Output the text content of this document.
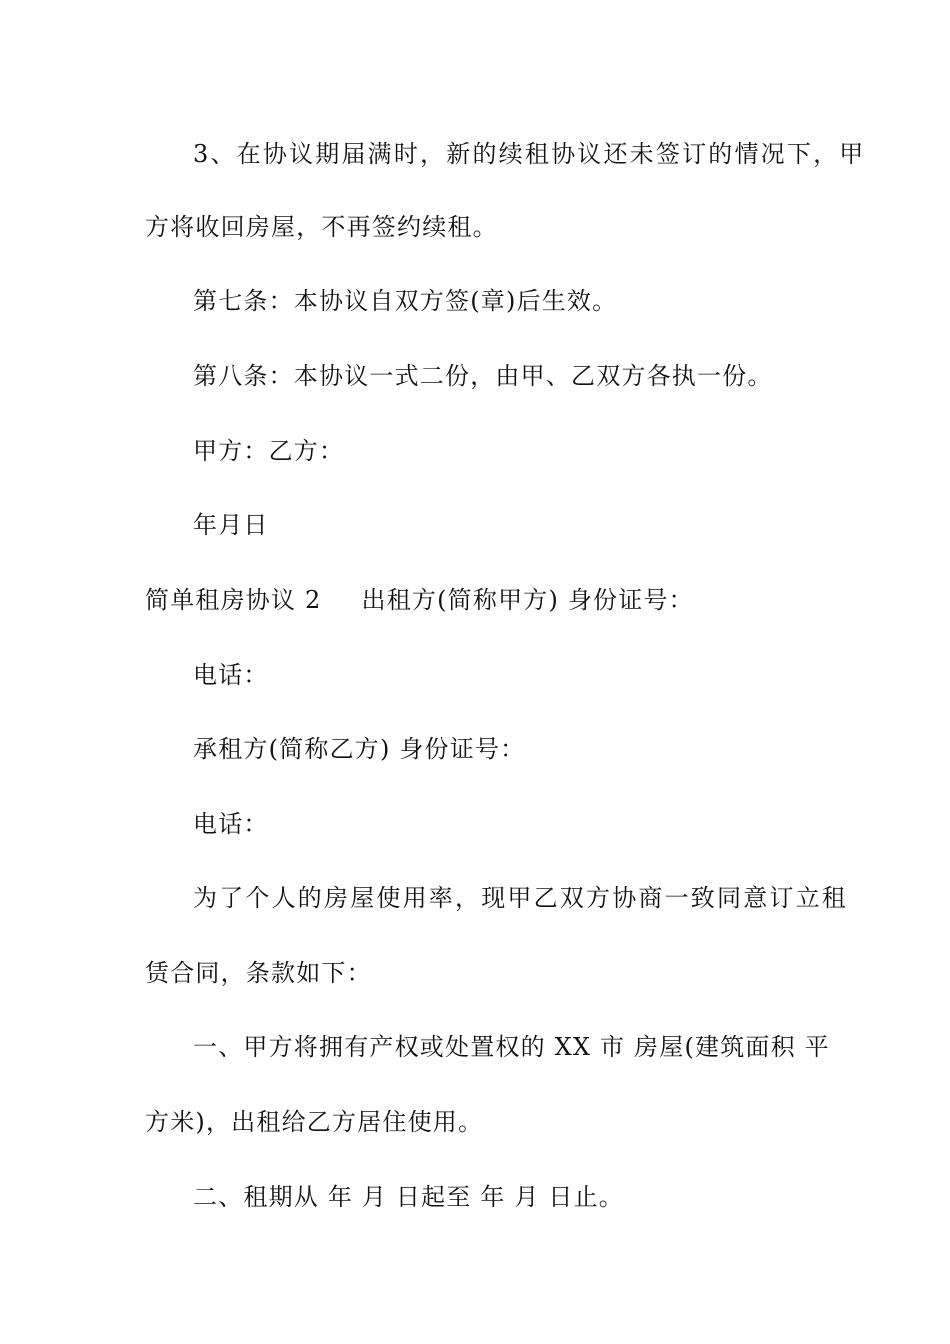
3、在协议期届满时，新的续租协议还未签订的情况下，甲
方将收回房屋，不再签约续租。
第七条：本协议自双方签(章)后生效。
第八条：本协议一式二份，由甲、乙双方各执一份。
甲方：乙方：
年月日
简单租房协议 2 出租方(简称甲方) 身份证号：
电话：
承租方(简称乙方) 身份证号：
电话：
为了个人的房屋使用率，现甲乙双方协商一致同意订立租
赁合同，条款如下：
一、甲方将拥有产权或处置权的 XX 市 房屋(建筑面积 平
方米)，出租给乙方居住使用。
二、租期从 年 月 日起至 年 月 日止。
